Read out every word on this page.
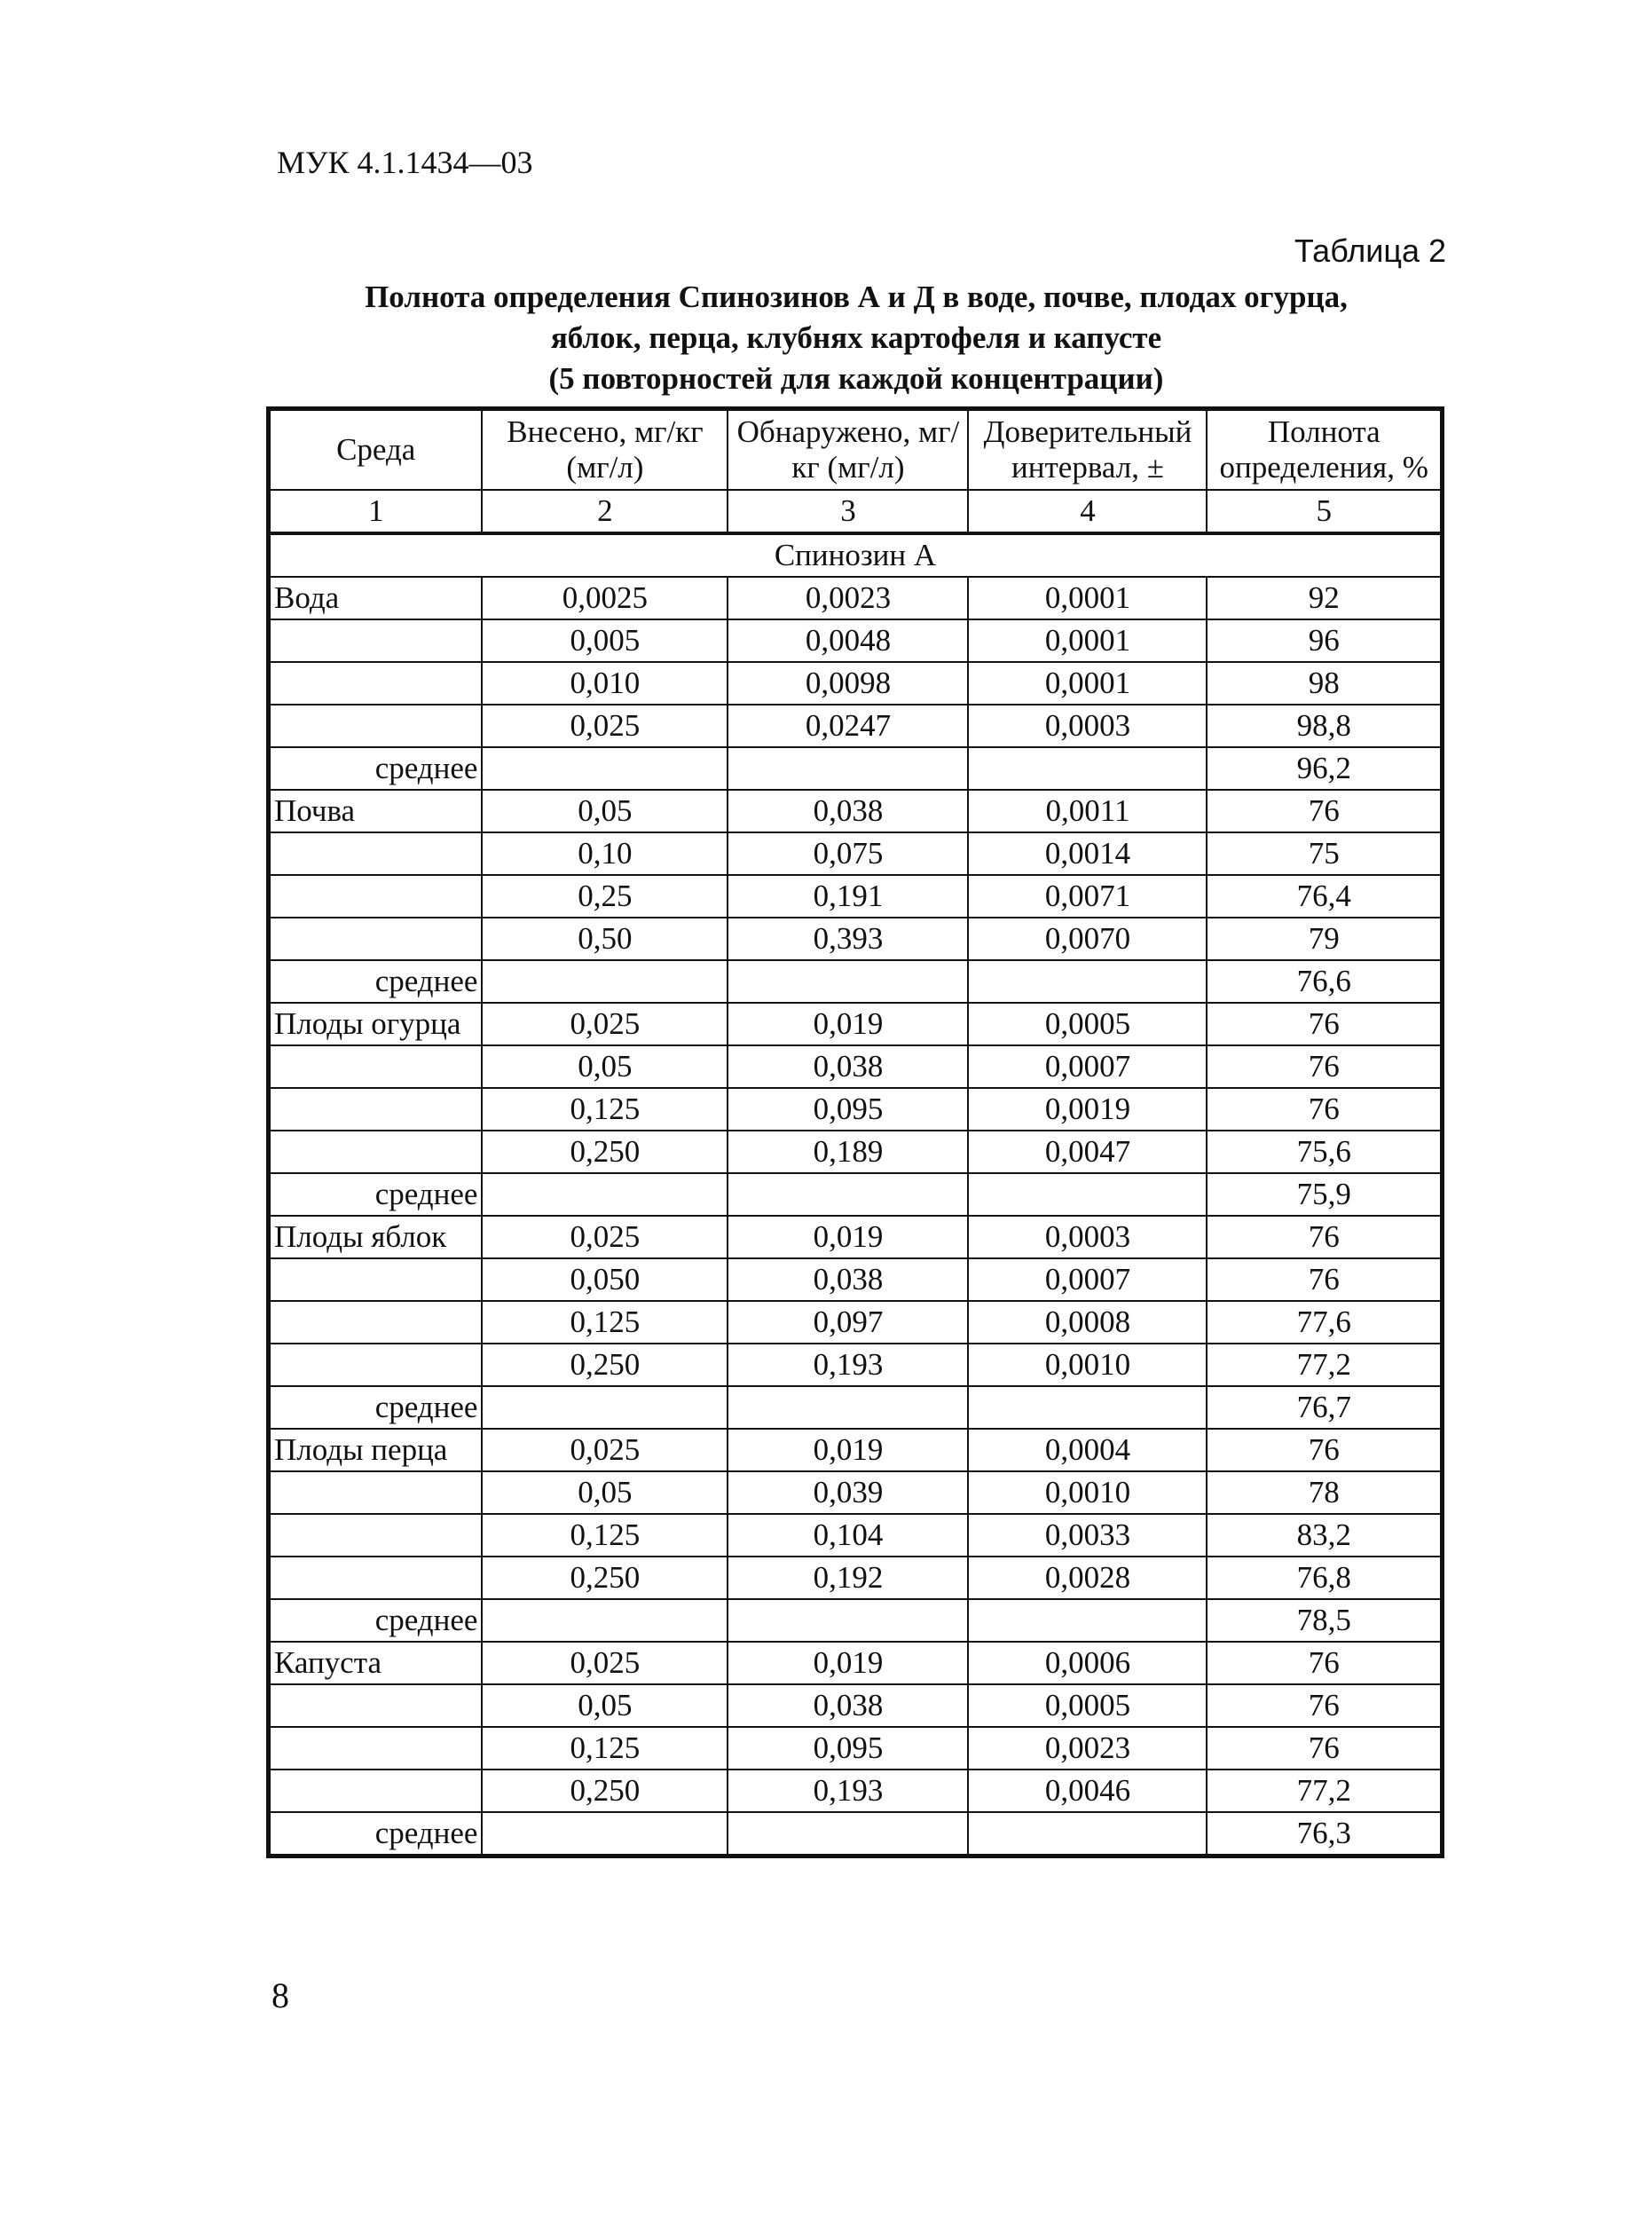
МУК 4.1.1434—03
Таблица 2
Полнота определения Спинозинов А и Д в воде, почве, плодах огурца,
яблок, перца, клубнях картофеля и капусте
(5 повторностей для каждой концентрации)
Среда	Внесено, мг/кг (мг/л)	Обнаружено, мг/кг (мг/л)	Доверительный интервал, ±	Полнота определения, %
1	2	3	4	5
Спинозин А				
Вода	0,0025	0,0023	0,0001	92
	0,005	0,0048	0,0001	96
	0,010	0,0098	0,0001	98
	0,025	0,0247	0,0003	98,8
среднее				96,2
Почва	0,05	0,038	0,0011	76
	0,10	0,075	0,0014	75
	0,25	0,191	0,0071	76,4
	0,50	0,393	0,0070	79
среднее				76,6
Плоды огурца	0,025	0,019	0,0005	76
	0,05	0,038	0,0007	76
	0,125	0,095	0,0019	76
	0,250	0,189	0,0047	75,6
среднее				75,9
Плоды яблок	0,025	0,019	0,0003	76
	0,050	0,038	0,0007	76
	0,125	0,097	0,0008	77,6
	0,250	0,193	0,0010	77,2
среднее				76,7
Плоды перца	0,025	0,019	0,0004	76
	0,05	0,039	0,0010	78
	0,125	0,104	0,0033	83,2
	0,250	0,192	0,0028	76,8
среднее				78,5
Капуста	0,025	0,019	0,0006	76
	0,05	0,038	0,0005	76
	0,125	0,095	0,0023	76
	0,250	0,193	0,0046	77,2
среднее				76,3
8
